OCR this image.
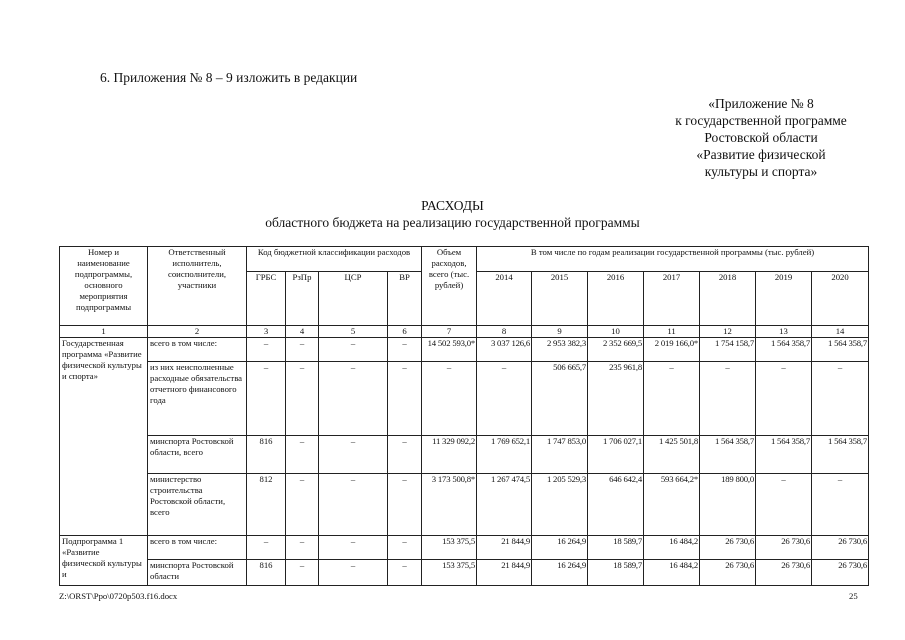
6. Приложения № 8 – 9 изложить в редакции
«Приложение № 8
к государственной программе
Ростовской области
«Развитие физической
культуры и спорта»
РАСХОДЫ
областного бюджета на реализацию государственной программы
Номер и наименование подпрограммы, основного мероприятия подпрограммы	Ответственный исполнитель, соисполнители, участники	Код бюджетной классификации расходов				Объем расходов, всего (тыс. рублей)	В том числе по годам реализации государственной программы (тыс. рублей)						
		ГРБС	РзПр	ЦСР	ВР		2014	2015	2016	2017	2018	2019	2020
1	2	3	4	5	6	7	8	9	10	11	12	13	14
Государственная программа «Развитие физической культуры и спорта»	всего в том числе:	–	–	–	–	14 502 593,0*	3 037 126,6	2 953 382,3	2 352 669,5	2 019 166,0*	1 754 158,7	1 564 358,7	1 564 358,7
	из них неисполненные расходные обязательства отчетного финансового года	–	–	–	–	–	–	506 665,7	235 961,8	–	–	–	–
	минспорта Ростовской области, всего	816	–	–	–	11 329 092,2	1 769 652,1	1 747 853,0	1 706 027,1	1 425 501,8	1 564 358,7	1 564 358,7	1 564 358,7
	министерство строительства Ростовской области, всего	812	–	–	–	3 173 500,8*	1 267 474,5	1 205 529,3	646 642,4	593 664,2*	189 800,0	–	–
Подпрограмма 1 «Развитие физической культуры и	всего в том числе:	–	–	–	–	153 375,5	21 844,9	16 264,9	18 589,7	16 484,2	26 730,6	26 730,6	26 730,6
	минспорта Ростовской области	816	–	–	–	153 375,5	21 844,9	16 264,9	18 589,7	16 484,2	26 730,6	26 730,6	26 730,6
Z:\ORST\Ppo\0720p503.f16.docx	25
